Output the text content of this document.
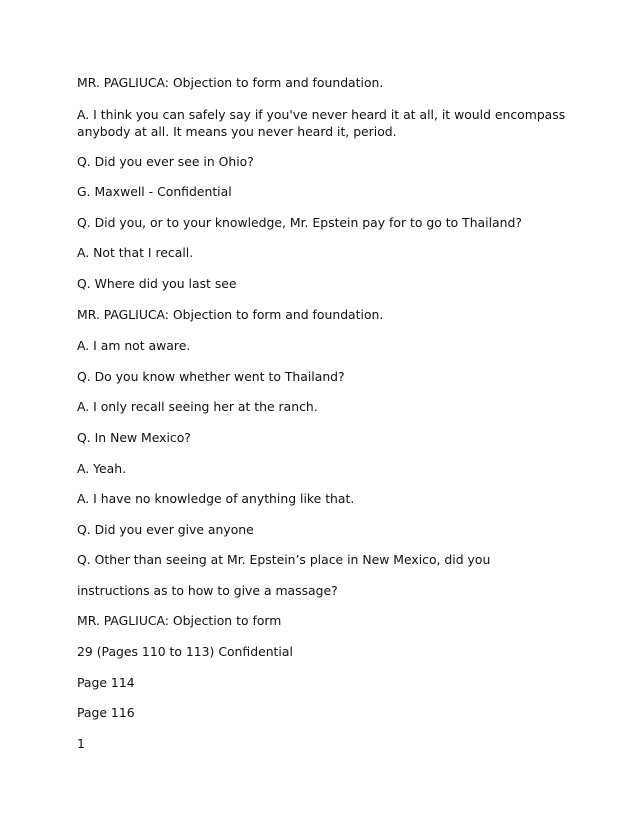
MR. PAGLIUCA: Objection to form and foundation.

A. I think you can safely say if you've never heard it at all, it would encompass anybody at all. It means you never heard it, period.

Q. Did you ever see in Ohio?

G. Maxwell - Confidential

Q. Did you, or to your knowledge, Mr. Epstein pay for to go to Thailand?

A. Not that I recall.

Q. Where did you last see

MR. PAGLIUCA: Objection to form and foundation.

A. I am not aware.

Q. Do you know whether went to Thailand?

A. I only recall seeing her at the ranch.

Q. In New Mexico?

A. Yeah.

A. I have no knowledge of anything like that.

Q. Did you ever give anyone

Q. Other than seeing at Mr. Epstein’s place in New Mexico, did you

instructions as to how to give a massage?

MR. PAGLIUCA: Objection to form

29 (Pages 110 to 113) Confidential

Page 114

Page 116

1
